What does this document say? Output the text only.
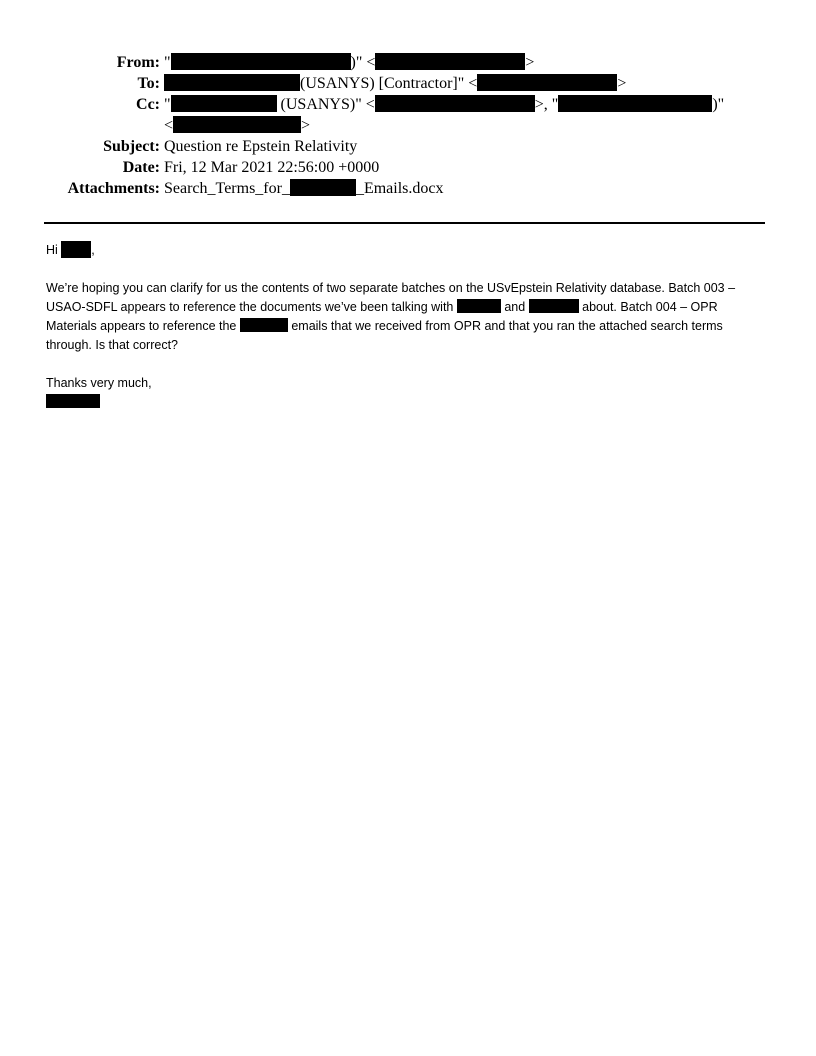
From: "	)" <	>
To:	(USANYS) [Contractor]" <	>
Cc: "	(USANYS)" <	>, "	)"
<	>
Subject: Question re Epstein Relativity
Date: Fri, 12 Mar 2021 22:56:00 +0000
Attachments: Search_Terms_for_	_Emails.docx

Hi ,

We’re hoping you can clarify for us the contents of two separate batches on the USvEpstein Relativity database. Batch 003 – USAO-SDFL appears to reference the documents we’ve been talking with	and	about. Batch 004 – OPR Materials appears to reference the	emails that we received from OPR and that you ran the attached search terms through. Is that correct?

Thanks very much,
